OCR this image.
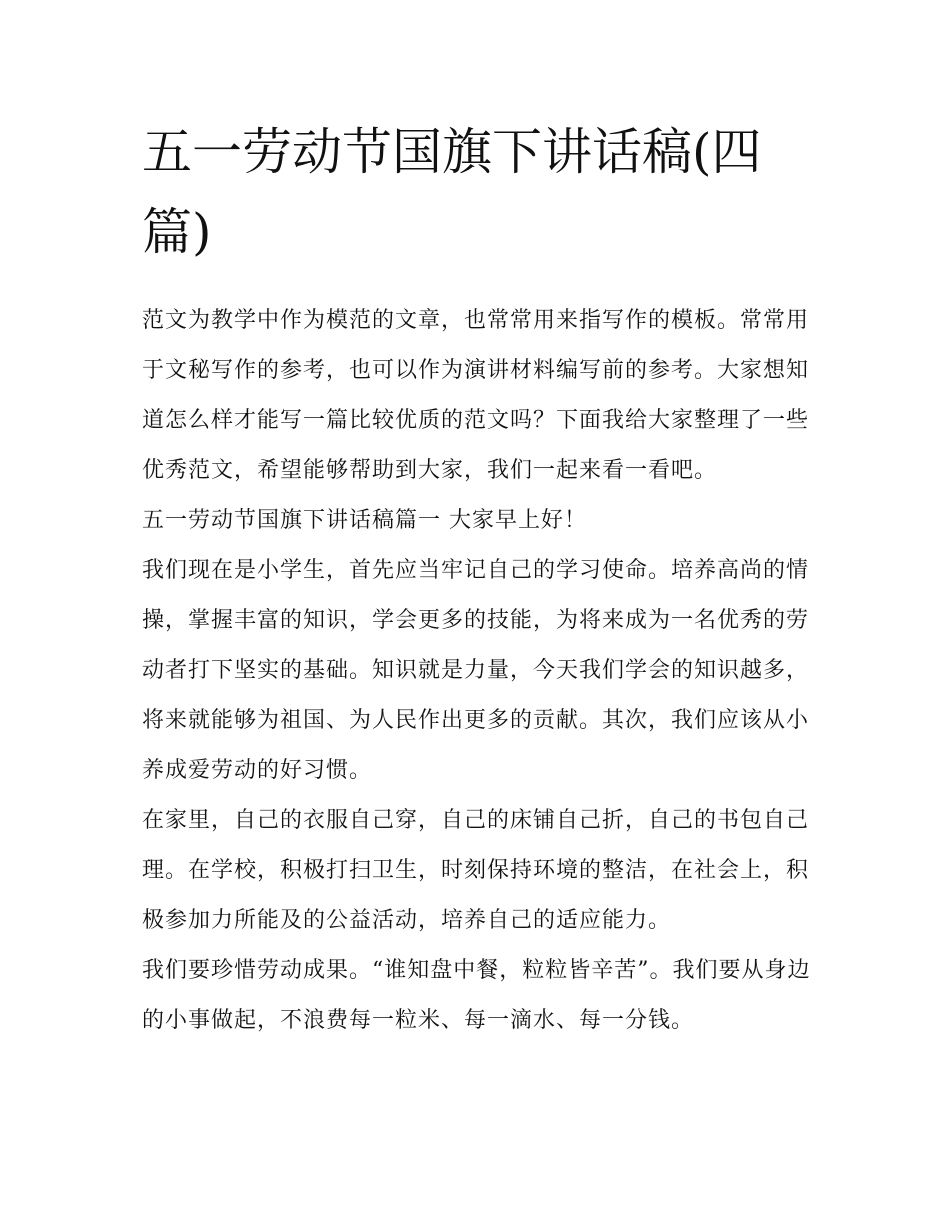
五一劳动节国旗下讲话稿(四篇)

范文为教学中作为模范的文章，也常常用来指写作的模板。常常用于文秘写作的参考，也可以作为演讲材料编写前的参考。大家想知道怎么样才能写一篇比较优质的范文吗？下面我给大家整理了一些优秀范文，希望能够帮助到大家，我们一起来看一看吧。

五一劳动节国旗下讲话稿篇一 大家早上好！

我们现在是小学生，首先应当牢记自己的学习使命。培养高尚的情操，掌握丰富的知识，学会更多的技能，为将来成为一名优秀的劳动者打下坚实的基础。知识就是力量，今天我们学会的知识越多，将来就能够为祖国、为人民作出更多的贡献。其次，我们应该从小养成爱劳动的好习惯。

在家里，自己的衣服自己穿，自己的床铺自己折，自己的书包自己理。在学校，积极打扫卫生，时刻保持环境的整洁，在社会上，积极参加力所能及的公益活动，培养自己的适应能力。

我们要珍惜劳动成果。“谁知盘中餐，粒粒皆辛苦”。我们要从身边的小事做起，不浪费每一粒米、每一滴水、每一分钱。
